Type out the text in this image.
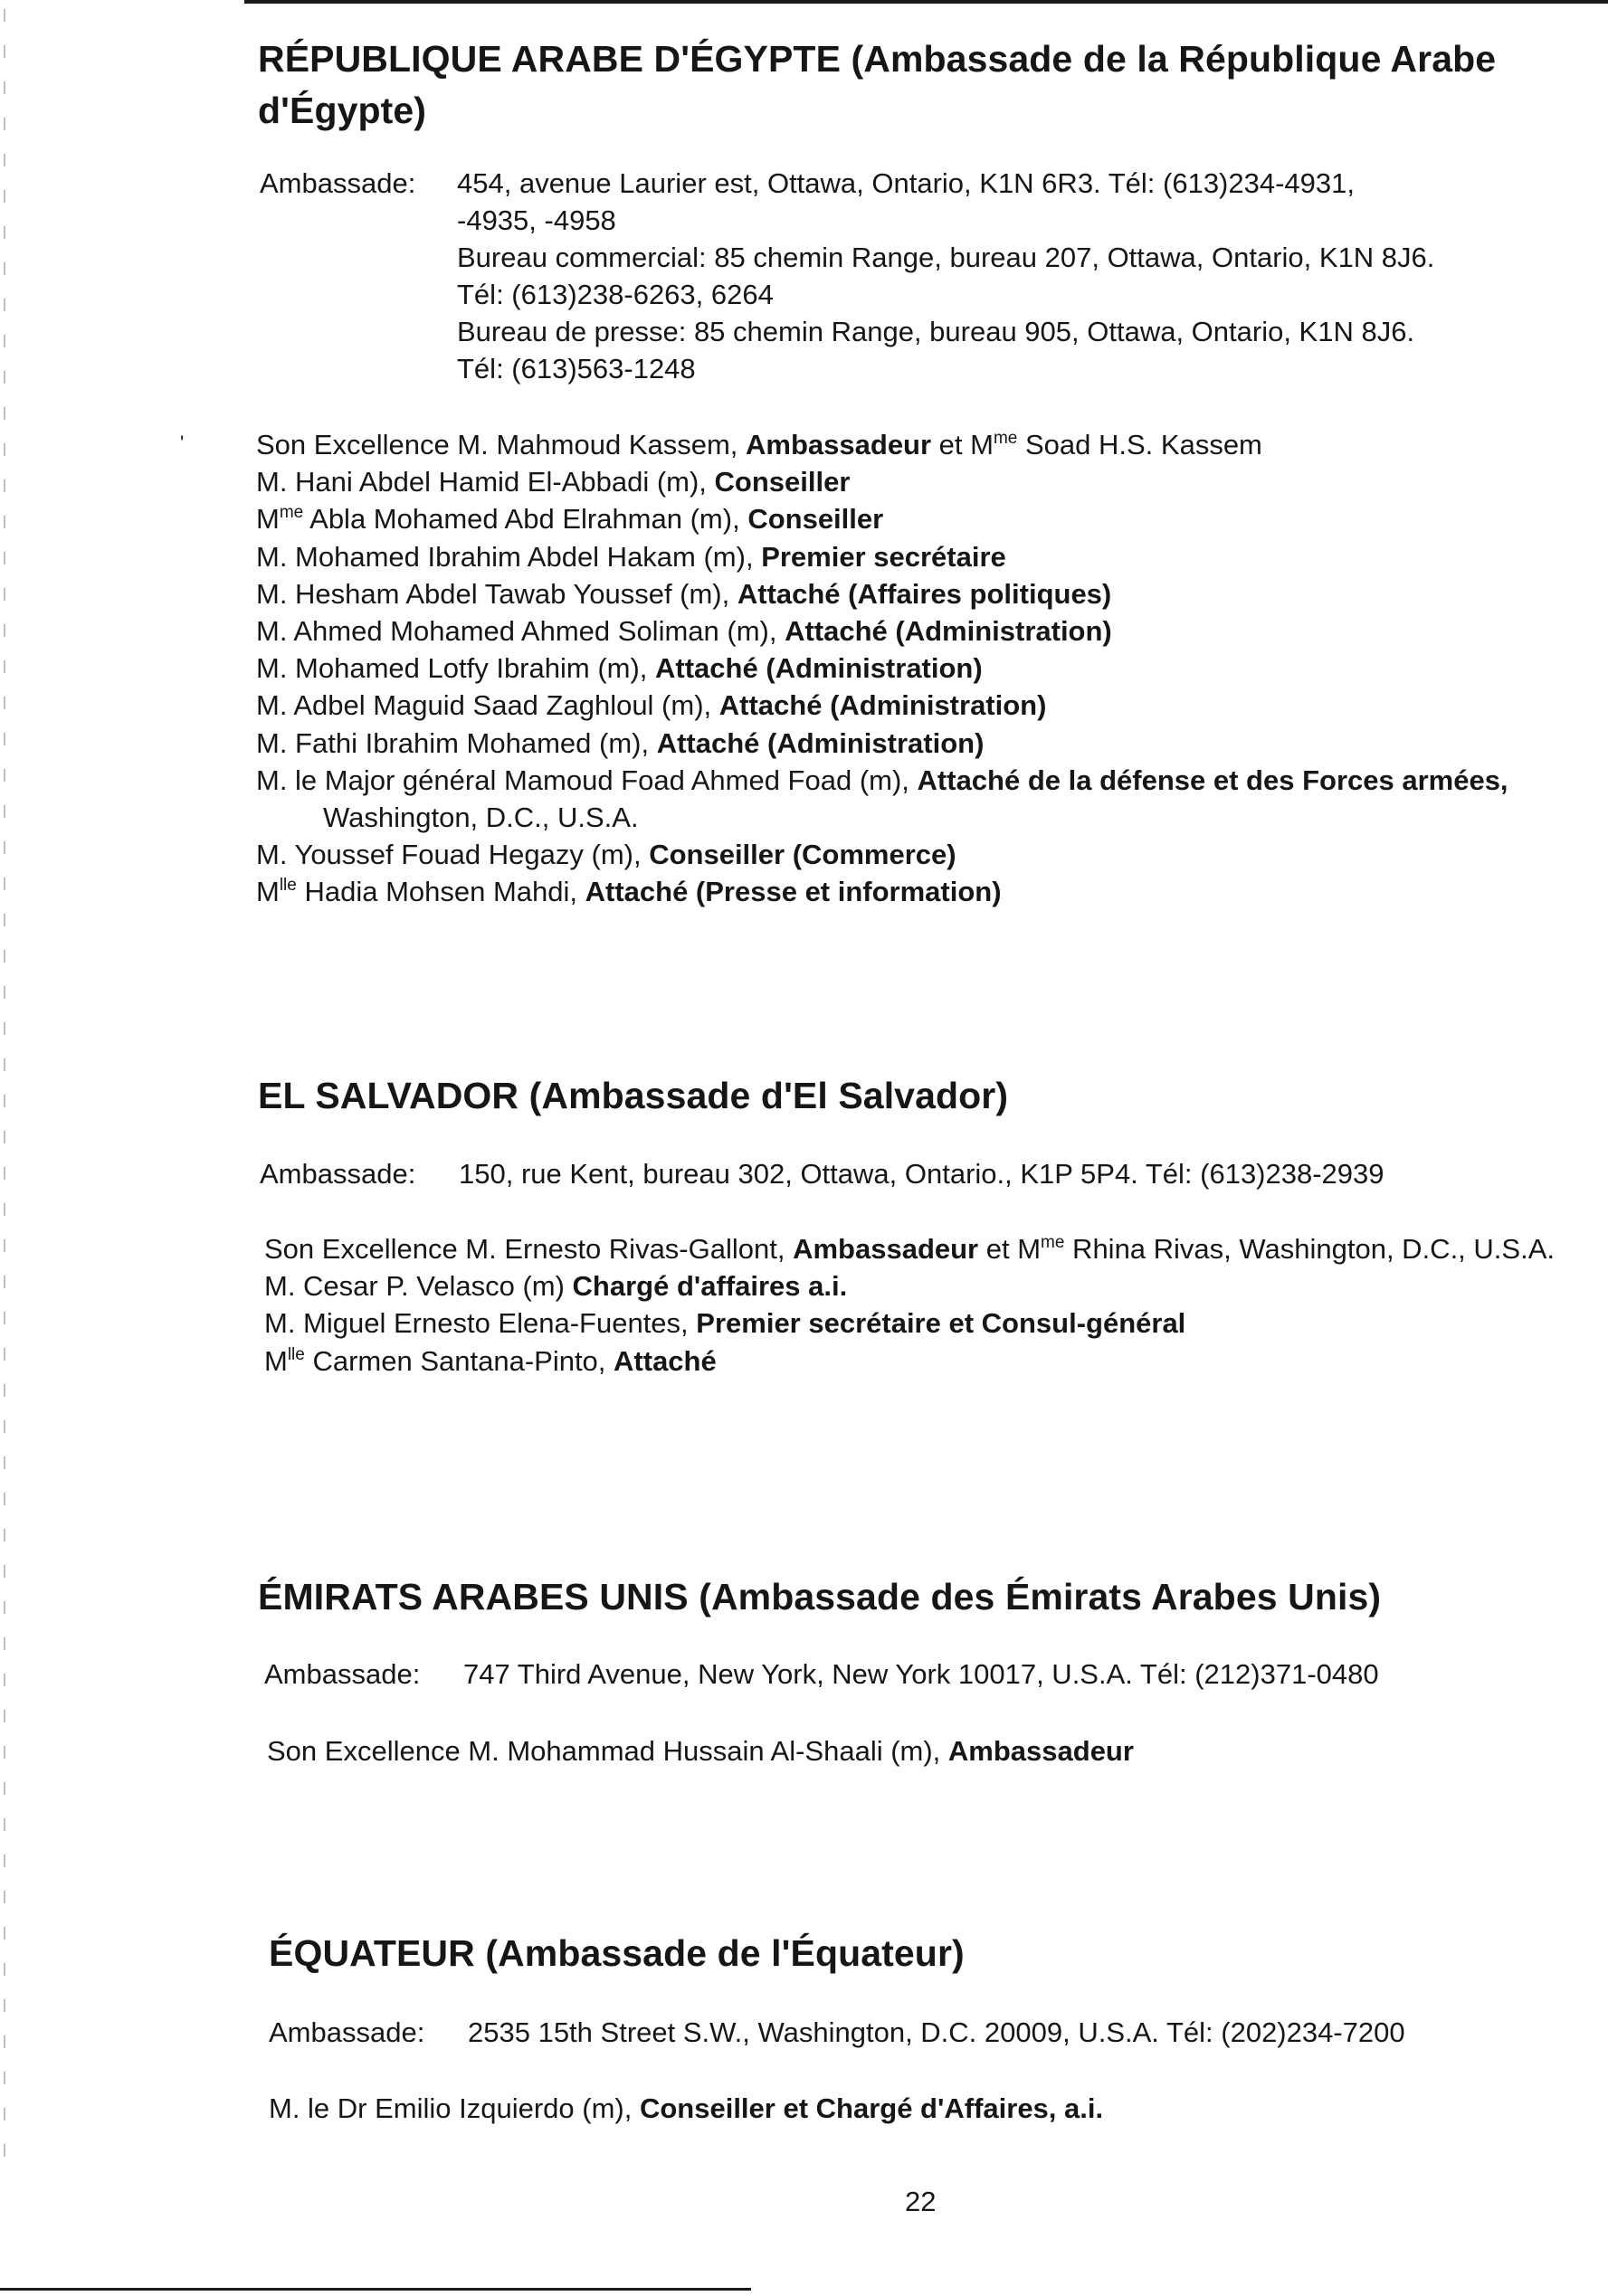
RÉPUBLIQUE ARABE D'ÉGYPTE (Ambassade de la République Arabe d'Égypte)
Ambassade: 454, avenue Laurier est, Ottawa, Ontario, K1N 6R3. Tél: (613)234-4931,
-4935, -4958
Bureau commercial: 85 chemin Range, bureau 207, Ottawa, Ontario, K1N 8J6.
Tél: (613)238-6263, 6264
Bureau de presse: 85 chemin Range, bureau 905, Ottawa, Ontario, K1N 8J6.
Tél: (613)563-1248
'	Son Excellence M. Mahmoud Kassem, Ambassadeur et $M^{me}$ Soad H.S. Kassem
M. Hani Abdel Hamid El-Abbadi (m), Conseiller
$M^{me}$ Abla Mohamed Abd Elrahman (m), Conseiller
M. Mohamed Ibrahim Abdel Hakam (m), Premier secrétaire
M. Hesham Abdel Tawab Youssef (m), Attaché (Affaires politiques)
M. Ahmed Mohamed Ahmed Soliman (m), Attaché (Administration)
M. Mohamed Lotfy Ibrahim (m), Attaché (Administration)
M. Adbel Maguid Saad Zaghloul (m), Attaché (Administration)
M. Fathi Ibrahim Mohamed (m), Attaché (Administration)
M. le Major général Mamoud Foad Ahmed Foad (m), Attaché de la défense et des Forces armées, Washington, D.C., U.S.A.
M. Youssef Fouad Hegazy (m), Conseiller (Commerce)
$M^{lle}$ Hadia Mohsen Mahdi, Attaché (Presse et information)
EL SALVADOR (Ambassade d'El Salvador)
Ambassade: 150, rue Kent, bureau 302, Ottawa, Ontario., K1P 5P4. Tél: (613)238-2939
Son Excellence M. Ernesto Rivas-Gallont, Ambassadeur et $M^{me}$ Rhina Rivas, Washington, D.C., U.S.A.
M. Cesar P. Velasco (m) Chargé d'affaires a.i.
M. Miguel Ernesto Elena-Fuentes, Premier secrétaire et Consul-général
$M^{lle}$ Carmen Santana-Pinto, Attaché
ÉMIRATS ARABES UNIS (Ambassade des Émirats Arabes Unis)
Ambassade: 747 Third Avenue, New York, New York 10017, U.S.A. Tél: (212)371-0480
Son Excellence M. Mohammad Hussain Al-Shaali (m), Ambassadeur
ÉQUATEUR (Ambassade de l'Équateur)
Ambassade: 2535 15th Street S.W., Washington, D.C. 20009, U.S.A. Tél: (202)234-7200
M. le Dr Emilio Izquierdo (m), Conseiller et Chargé d'Affaires, a.i.
22
